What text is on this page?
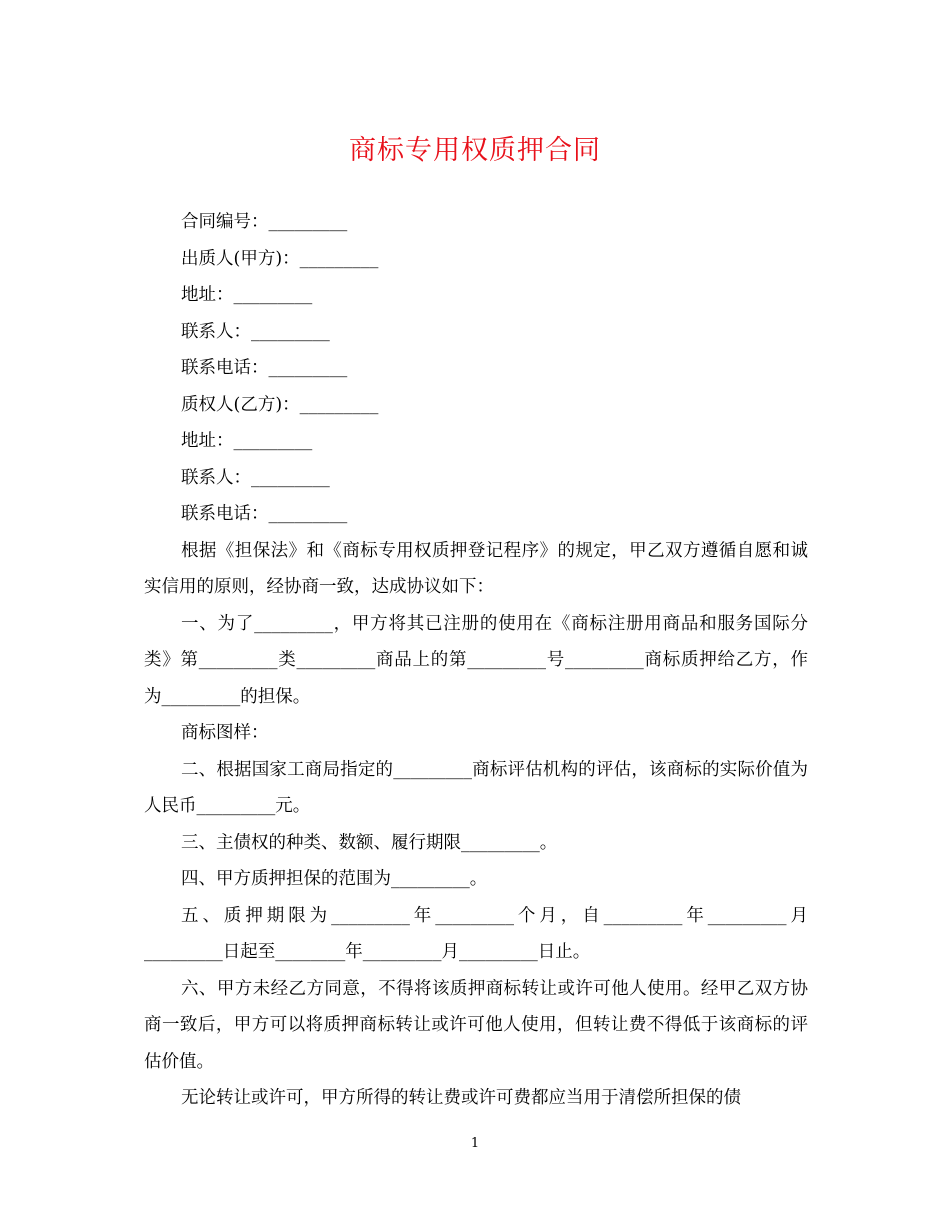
商标专用权质押合同
合同编号：_________
出质人(甲方)：_________
地址：_________
联系人：_________
联系电话：_________
质权人(乙方)：_________
地址：_________
联系人：_________
联系电话：_________
根据《担保法》和《商标专用权质押登记程序》的规定，甲乙双方遵循自愿和诚实信用的原则，经协商一致，达成协议如下：
一、为了_________，甲方将其已注册的使用在《商标注册用商品和服务国际分类》第_________类_________商品上的第_________号_________商标质押给乙方，作为_________的担保。
商标图样：
二、根据国家工商局指定的_________商标评估机构的评估，该商标的实际价值为人民币_________元。
三、主债权的种类、数额、履行期限_________。
四、甲方质押担保的范围为_________。
五、质押期限为_________年_________个月，自_________年_________月_________日起至________年_________月_________日止。
六、甲方未经乙方同意，不得将该质押商标转让或许可他人使用。经甲乙双方协商一致后，甲方可以将质押商标转让或许可他人使用，但转让费不得低于该商标的评估价值。
无论转让或许可，甲方所得的转让费或许可费都应当用于清偿所担保的债
1
